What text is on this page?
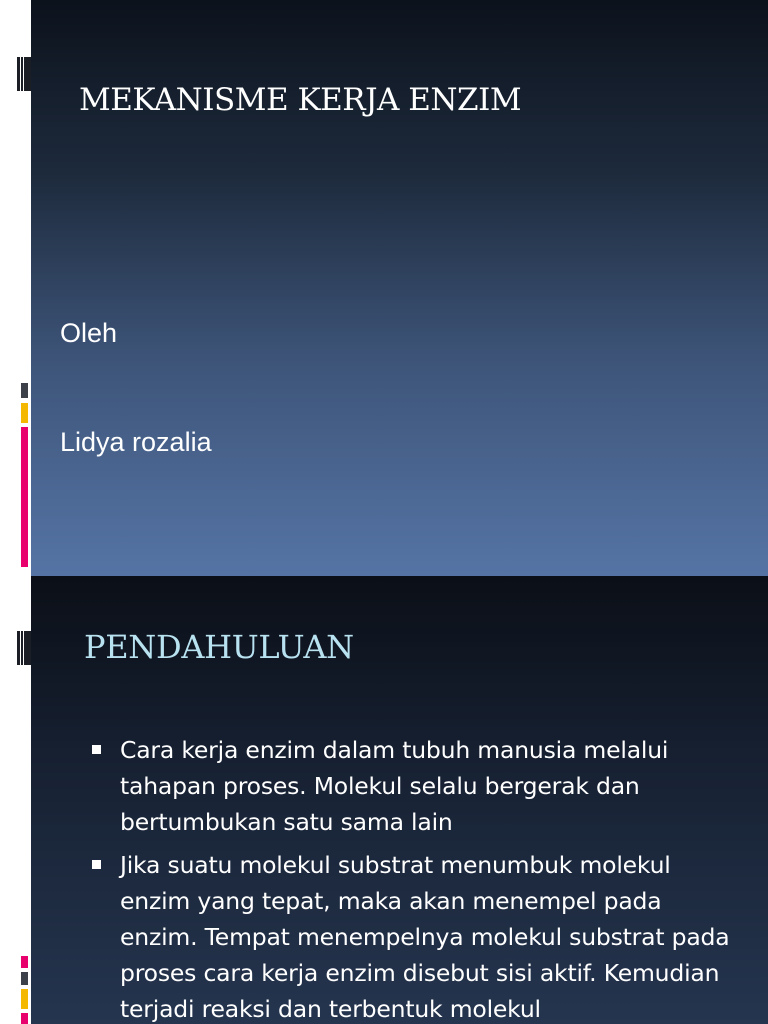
MEKANISME KERJA ENZIM
Oleh
Lidya rozalia
PENDAHULUAN
Cara kerja enzim dalam tubuh manusia melalui tahapan proses. Molekul selalu bergerak dan bertumbukan satu sama lain
Jika suatu molekul substrat menumbuk molekul enzim yang tepat, maka akan menempel pada enzim. Tempat menempelnya molekul substrat pada proses cara kerja enzim disebut sisi aktif. Kemudian terjadi reaksi dan terbentuk molekul
